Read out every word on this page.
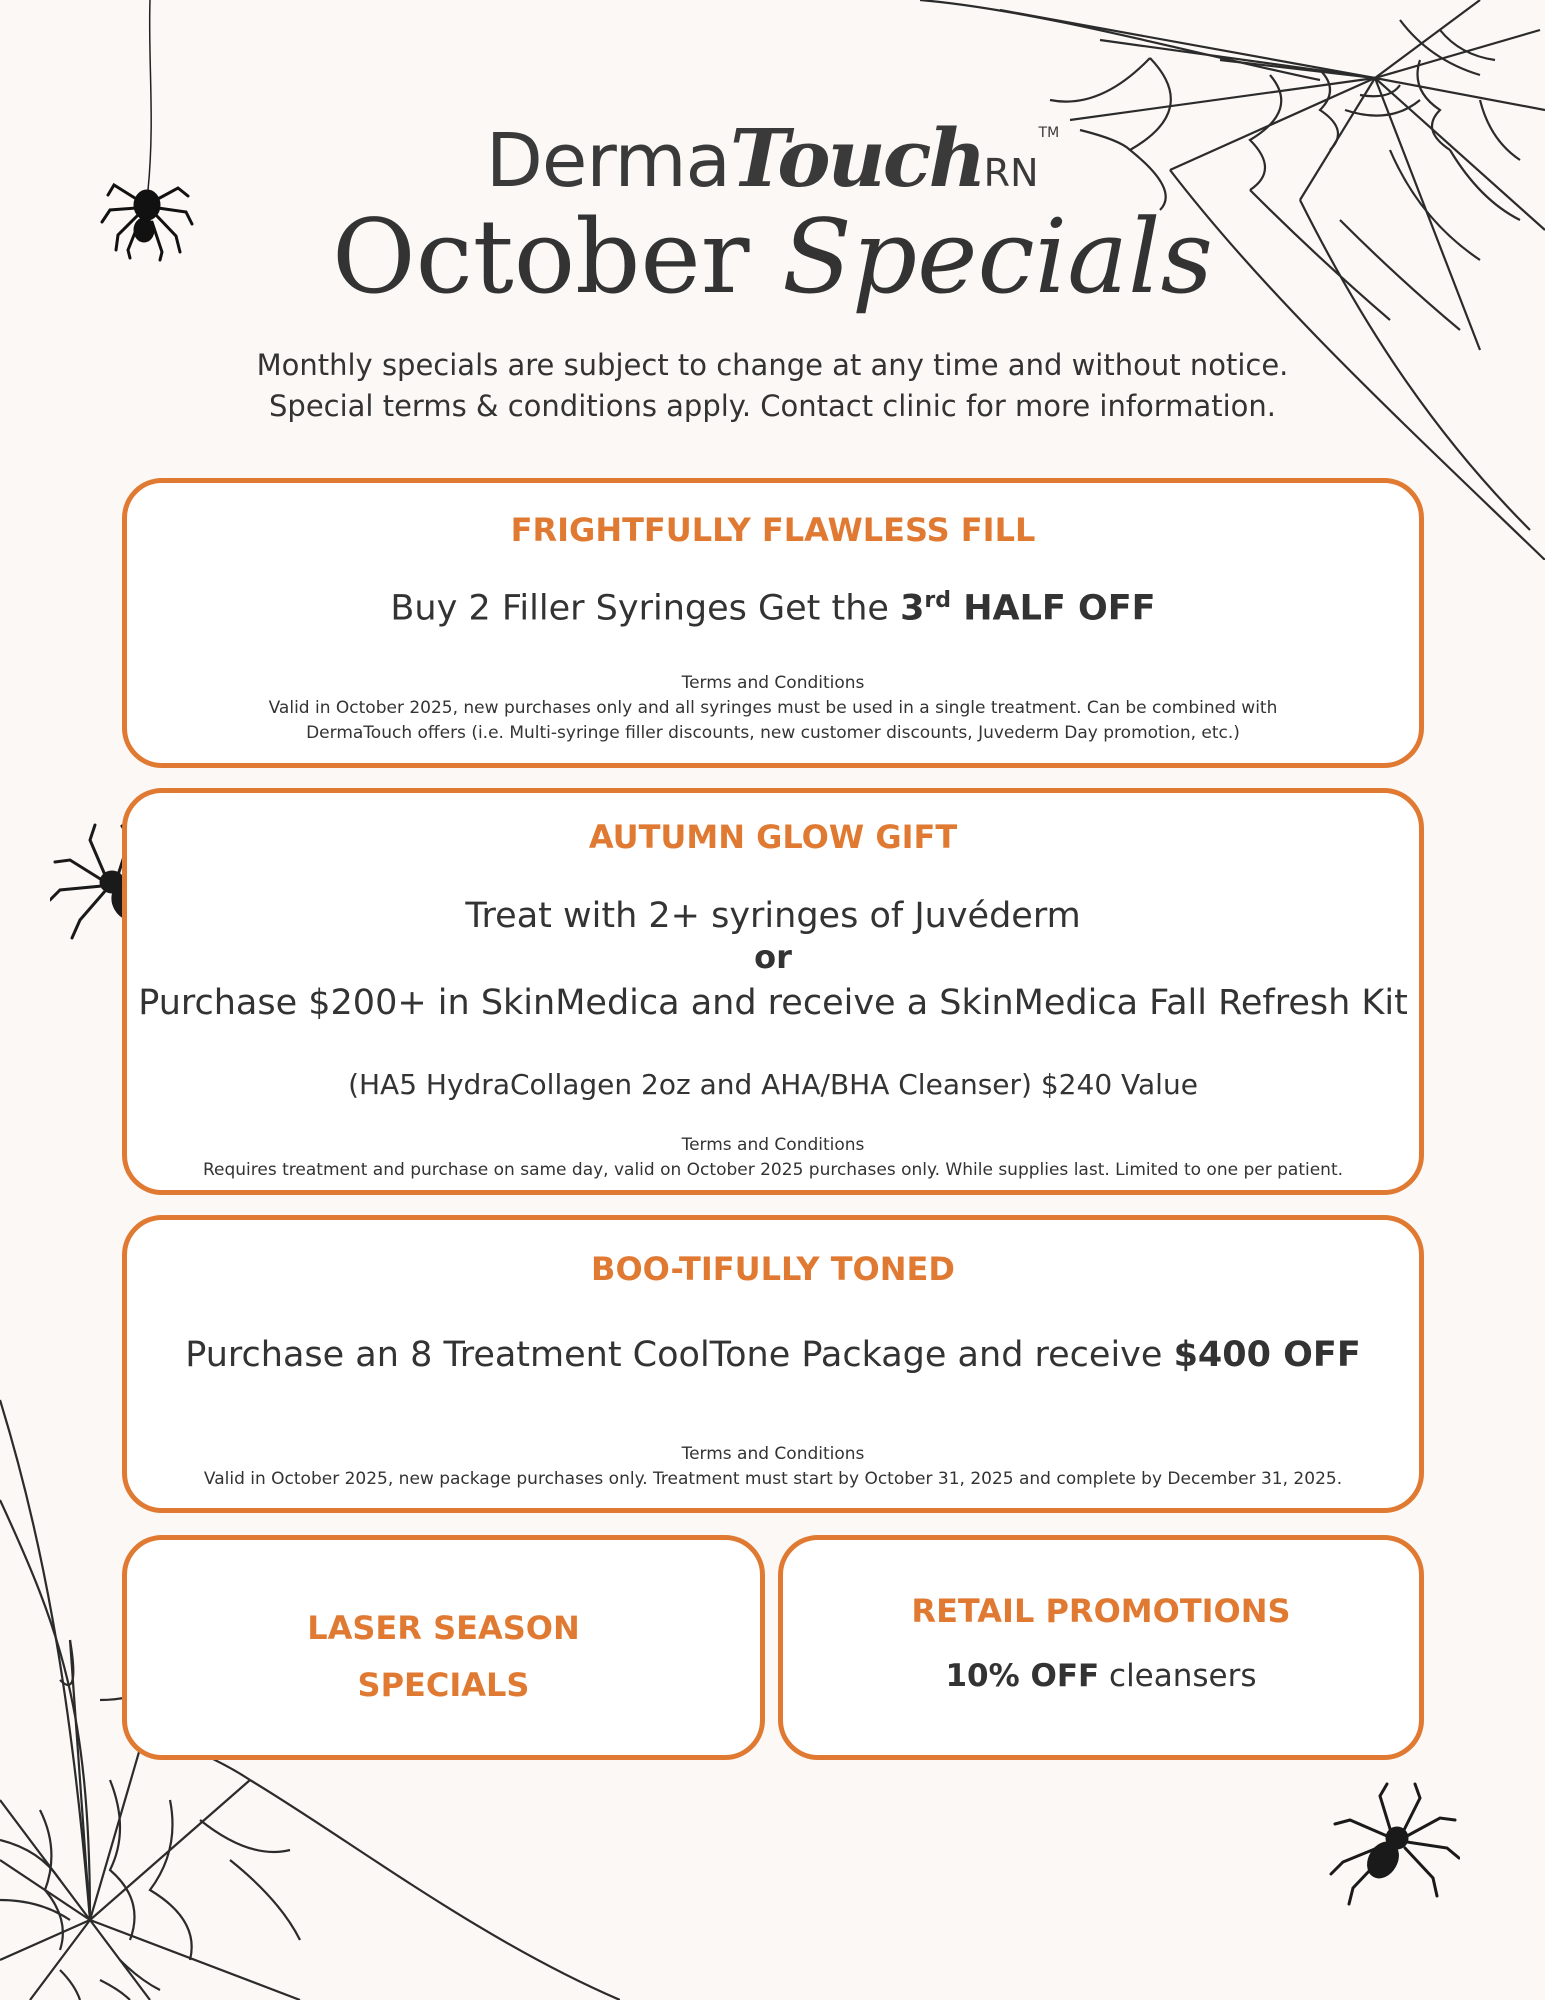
DermaTouchRN™
October Specials
Monthly specials are subject to change at any time and without notice.
Special terms & conditions apply. Contact clinic for more information.
FRIGHTFULLY FLAWLESS FILL
Buy 2 Filler Syringes Get the 3rd HALF OFF
Terms and Conditions
Valid in October 2025, new purchases only and all syringes must be used in a single treatment. Can be combined with
DermaTouch offers (i.e. Multi-syringe filler discounts, new customer discounts, Juvederm Day promotion, etc.)
AUTUMN GLOW GIFT
Treat with 2+ syringes of Juvéderm
or
Purchase $200+ in SkinMedica and receive a SkinMedica Fall Refresh Kit
(HA5 HydraCollagen 2oz and AHA/BHA Cleanser) $240 Value
Terms and Conditions
Requires treatment and purchase on same day, valid on October 2025 purchases only. While supplies last. Limited to one per patient.
BOO-TIFULLY TONED
Purchase an 8 Treatment CoolTone Package and receive $400 OFF
Terms and Conditions
Valid in October 2025, new package purchases only. Treatment must start by October 31, 2025 and complete by December 31, 2025.
LASER SEASON
SPECIALS
RETAIL PROMOTIONS
10% OFF cleansers
